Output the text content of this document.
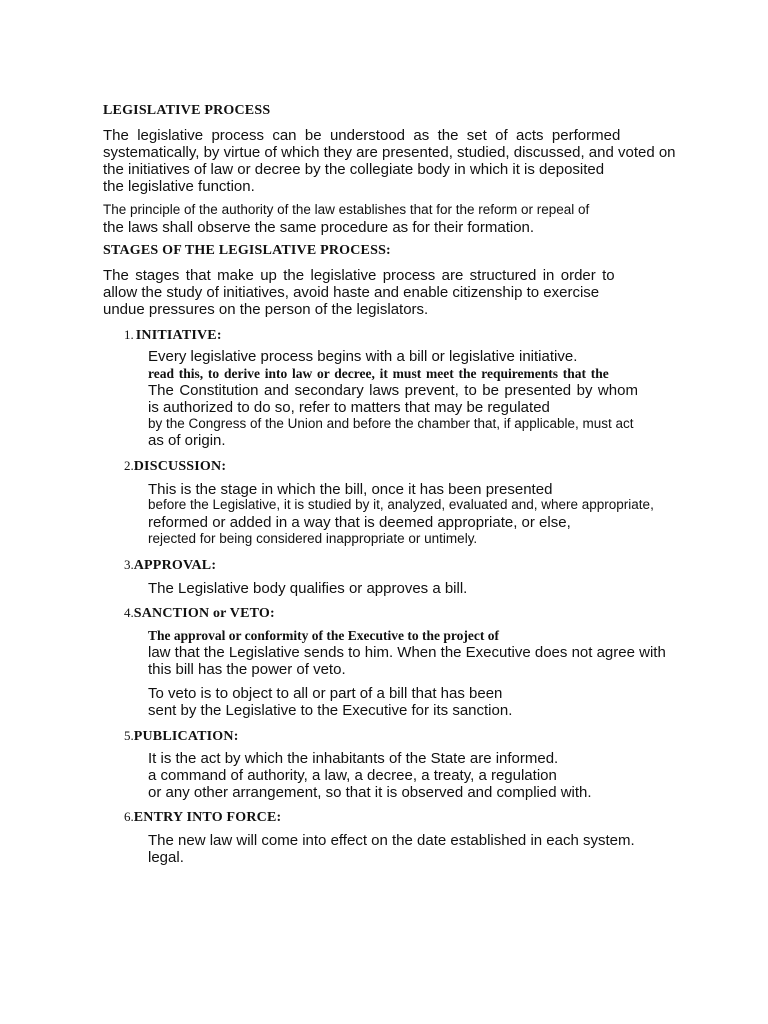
LEGISLATIVE PROCESS
The legislative process can be understood as the set of acts performed
systematically, by virtue of which they are presented, studied, discussed, and voted on
the initiatives of law or decree by the collegiate body in which it is deposited
the legislative function.
The principle of the authority of the law establishes that for the reform or repeal of
the laws shall observe the same procedure as for their formation.
STAGES OF THE LEGISLATIVE PROCESS:
The stages that make up the legislative process are structured in order to
allow the study of initiatives, avoid haste and enable citizenship to exercise
undue pressures on the person of the legislators.
1. INITIATIVE:
Every legislative process begins with a bill or legislative initiative.
read this, to derive into law or decree, it must meet the requirements that the
The Constitution and secondary laws prevent, to be presented by whom
is authorized to do so, refer to matters that may be regulated
by the Congress of the Union and before the chamber that, if applicable, must act
as of origin.
2.DISCUSSION:
This is the stage in which the bill, once it has been presented
before the Legislative, it is studied by it, analyzed, evaluated and, where appropriate,
reformed or added in a way that is deemed appropriate, or else,
rejected for being considered inappropriate or untimely.
3.APPROVAL:
The Legislative body qualifies or approves a bill.
4.SANCTION or VETO:
The approval or conformity of the Executive to the project of
law that the Legislative sends to him. When the Executive does not agree with
this bill has the power of veto.
To veto is to object to all or part of a bill that has been
sent by the Legislative to the Executive for its sanction.
5.PUBLICATION:
It is the act by which the inhabitants of the State are informed.
a command of authority, a law, a decree, a treaty, a regulation
or any other arrangement, so that it is observed and complied with.
6.ENTRY INTO FORCE:
The new law will come into effect on the date established in each system.
legal.
